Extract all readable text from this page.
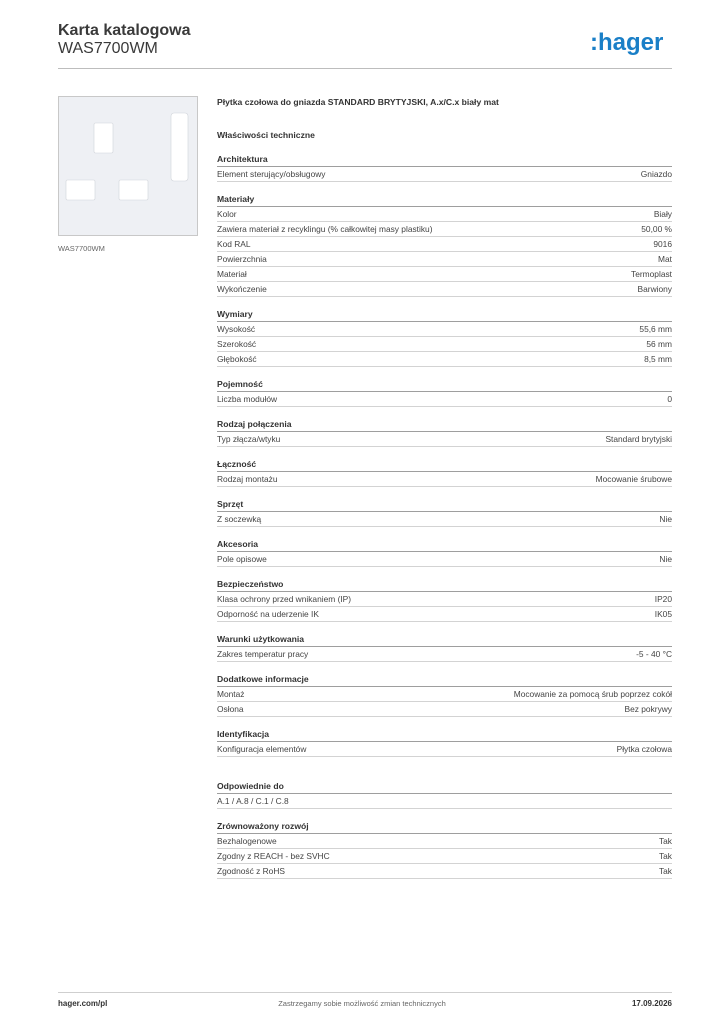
Karta katalogowa
WAS7700WM	:hager
WAS7700WM
Płytka czołowa do gniazda STANDARD BRYTYJSKI, A.x/C.x biały mat
Właściwości techniczne
Architektura
Element sterujący/obsługowy	Gniazdo
Materiały
Kolor	Biały
Zawiera materiał z recyklingu (% całkowitej masy plastiku)	50,00 %
Kod RAL	9016
Powierzchnia	Mat
Materiał	Termoplast
Wykończenie	Barwiony
Wymiary
Wysokość	55,6 mm
Szerokość	56 mm
Głębokość	8,5 mm
Pojemność
Liczba modułów	0
Rodzaj połączenia
Typ złącza/wtyku	Standard brytyjski
Łączność
Rodzaj montażu	Mocowanie śrubowe
Sprzęt
Z soczewką	Nie
Akcesoria
Pole opisowe	Nie
Bezpieczeństwo
Klasa ochrony przed wnikaniem (IP)	IP20
Odporność na uderzenie IK	IK05
Warunki użytkowania
Zakres temperatur pracy	-5 - 40 °C
Dodatkowe informacje
Montaż	Mocowanie za pomocą śrub poprzez cokół
Osłona	Bez pokrywy
Identyfikacja
Konfiguracja elementów	Płytka czołowa
Odpowiednie do
A.1 / A.8 / C.1 / C.8
Zrównoważony rozwój
Bezhalogenowe	Tak
Zgodny z REACH - bez SVHC	Tak
Zgodność z RoHS	Tak
hager.com/pl	Zastrzegamy sobie możliwość zmian technicznych	17.09.2026
